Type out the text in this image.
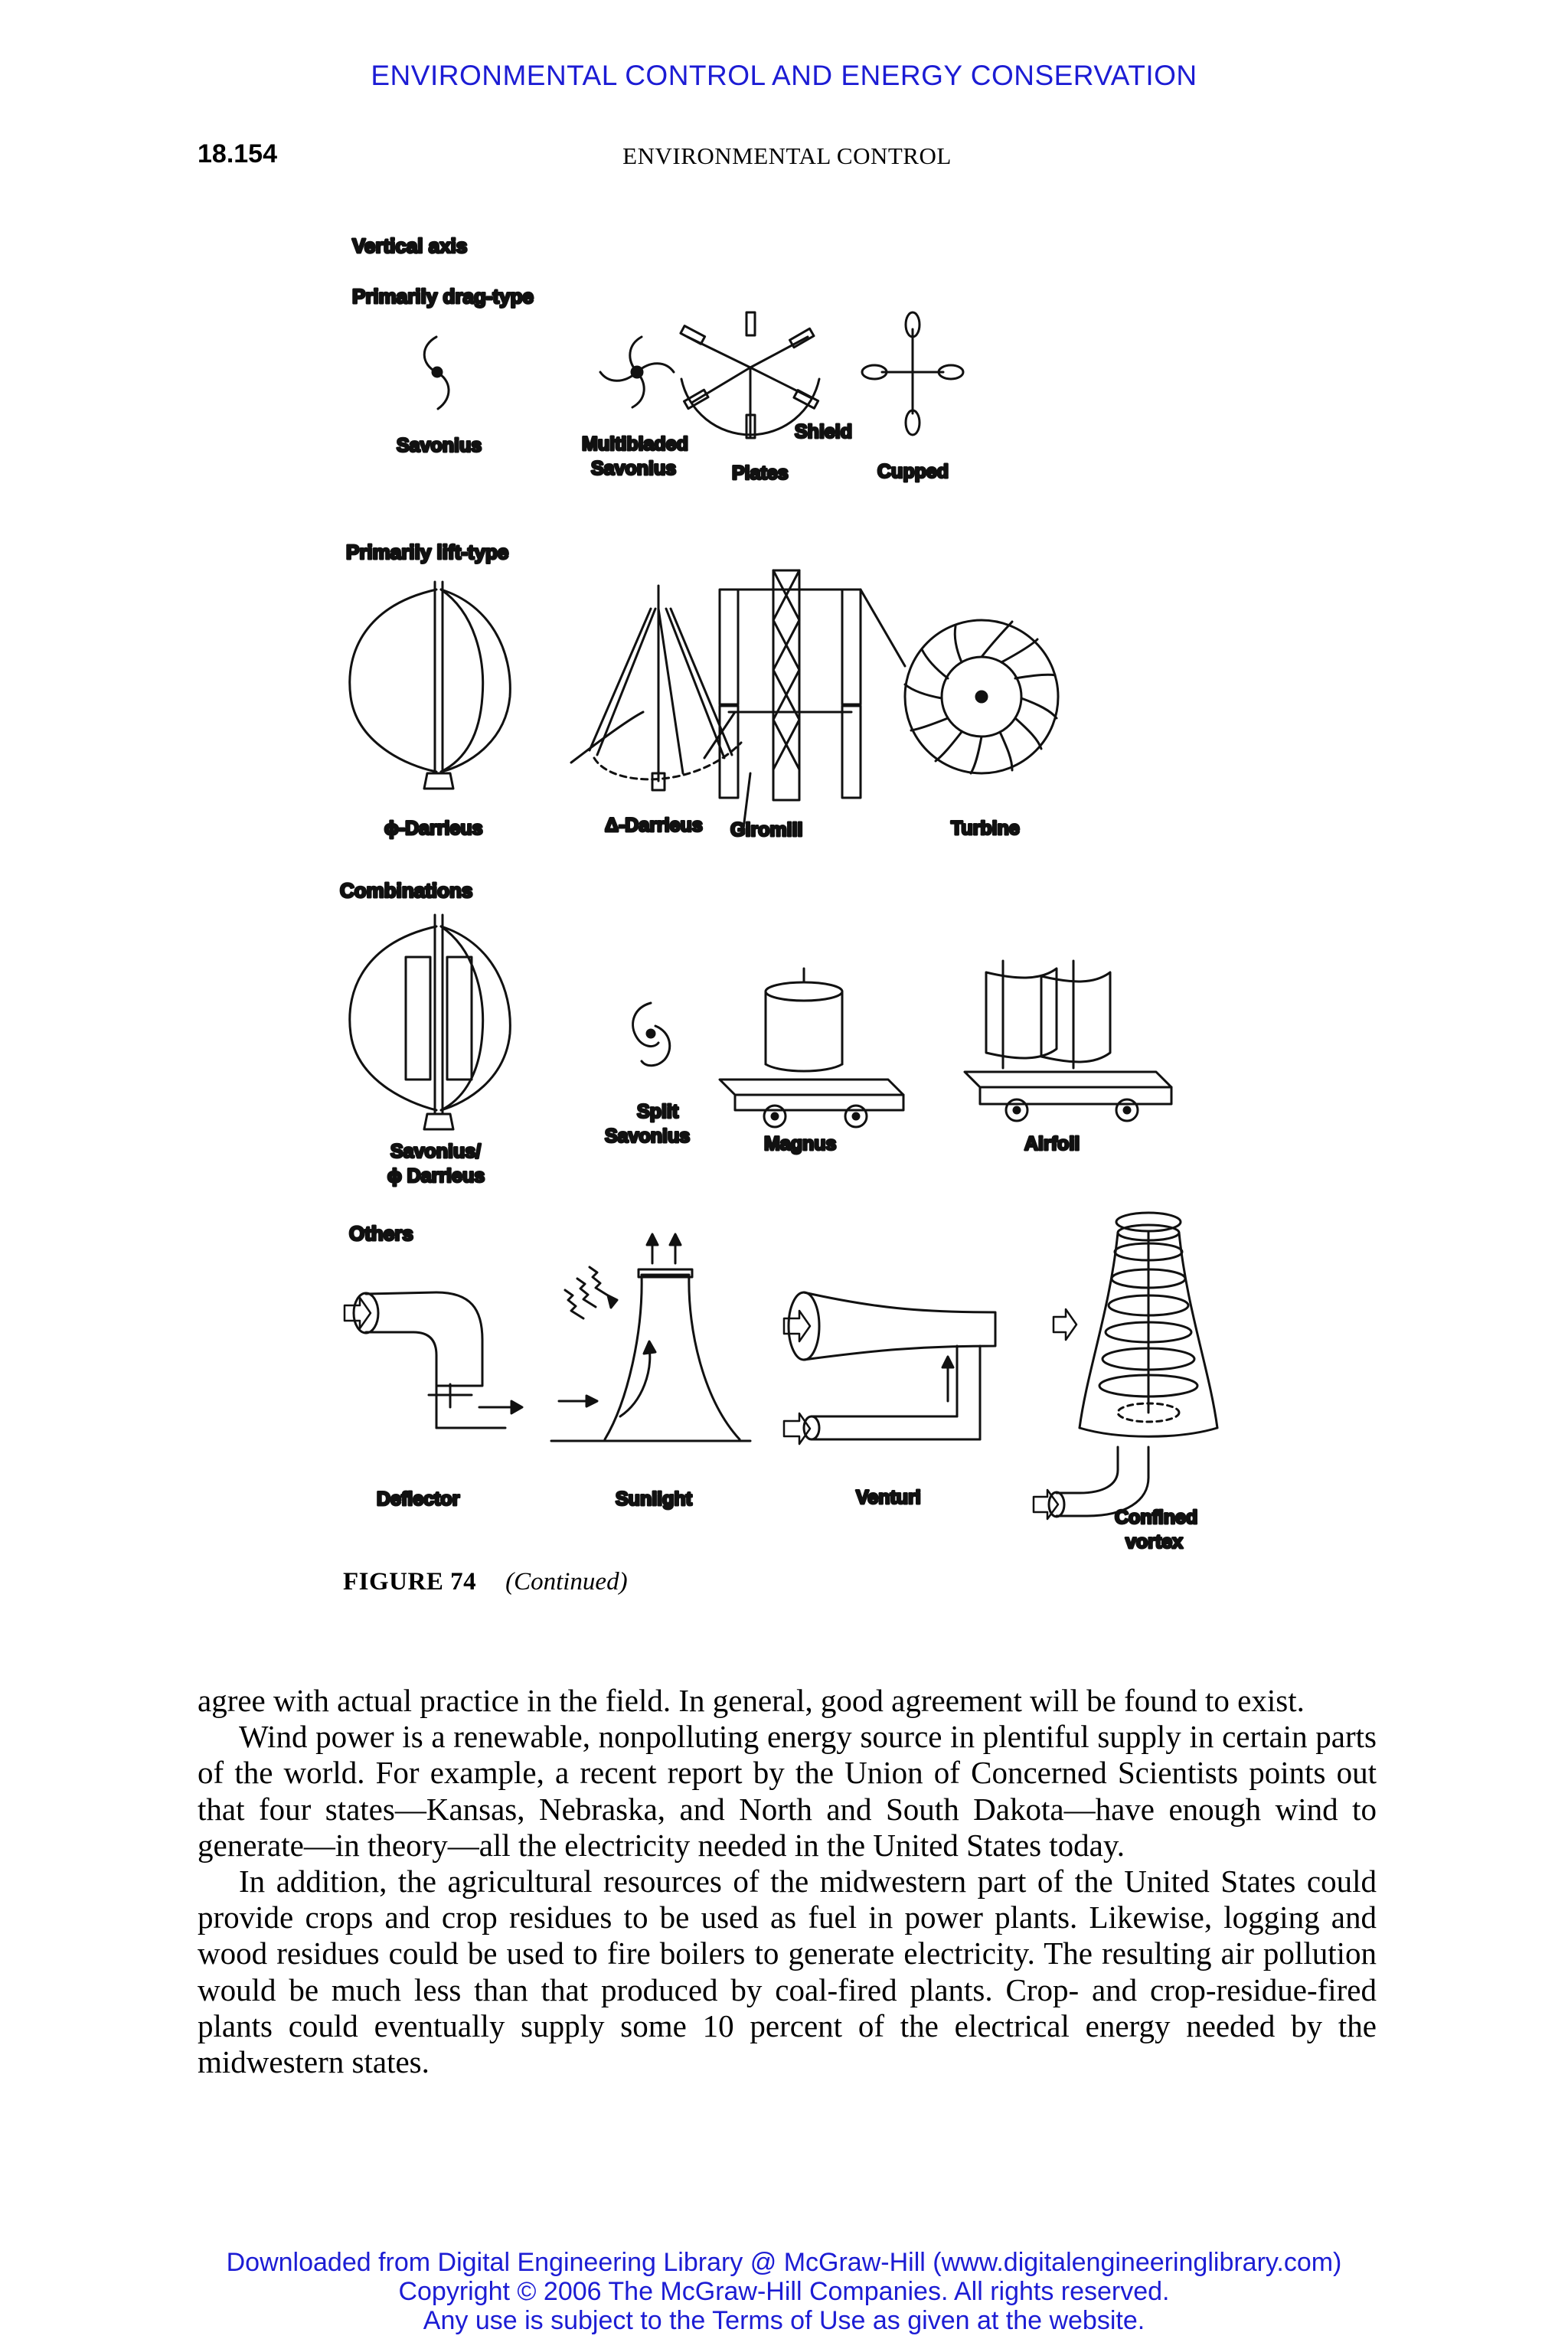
ENVIRONMENTAL CONTROL AND ENERGY CONSERVATION
18.154	ENVIRONMENTAL CONTROL
Vertical axis
Primarily drag-type
Primarily lift-type
Combinations
Others
Savonius	Multibladed
Savonius
Shield
Plates	Cupped
ϕ-Darrieus	Δ-Darrieus Giromill	Turbine
Savonius/
ϕ Darrieus
Split
Savonius	Magnus	Airfoil
Deflector	Sunlight	Venturi
Confined
vortex
FIGURE 74 (Continued)

agree with actual practice in the field. In general, good agreement will be found to exist.

Wind power is a renewable, nonpolluting energy source in plentiful supply in certain parts of the world. For example, a recent report by the Union of Concerned Scientists points out that four states—Kansas, Nebraska, and North and South Dakota—have enough wind to generate—in theory—all the electricity needed in the United States today.

In addition, the agricultural resources of the midwestern part of the United States could provide crops and crop residues to be used as fuel in power plants. Likewise, logging and wood residues could be used to fire boilers to generate electricity. The resulting air pollution would be much less than that produced by coal-fired plants. Crop- and crop-residue-fired plants could eventually supply some 10 percent of the electrical energy needed by the midwestern states.

Downloaded from Digital Engineering Library @ McGraw-Hill (www.digitalengineeringlibrary.com)
Copyright © 2006 The McGraw-Hill Companies. All rights reserved.
Any use is subject to the Terms of Use as given at the website.
